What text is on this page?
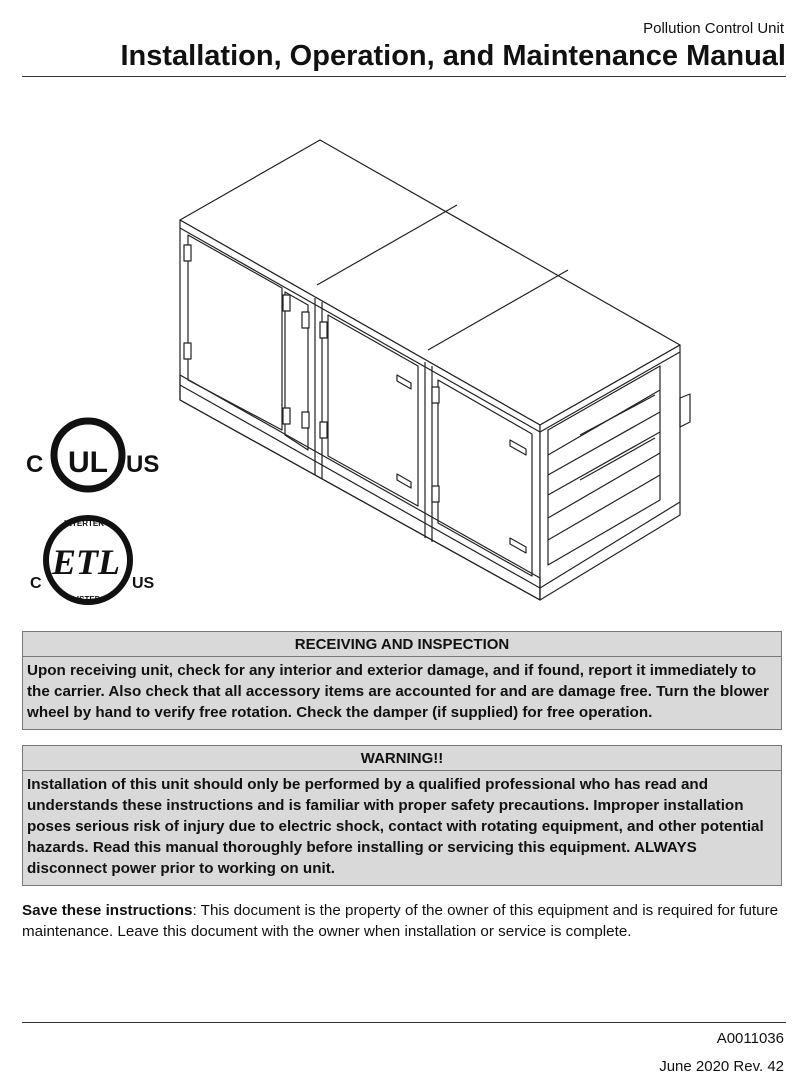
Pollution Control Unit
Installation, Operation, and Maintenance Manual
C UL US
INTERTEK
ETL
LISTED
C	US
RECEIVING AND INSPECTION
Upon receiving unit, check for any interior and exterior damage, and if found, report it immediately to the carrier. Also check that all accessory items are accounted for and are damage free. Turn the blower wheel by hand to verify free rotation. Check the damper (if supplied) for free operation.
WARNING!!
Installation of this unit should only be performed by a qualified professional who has read and understands these instructions and is familiar with proper safety precautions. Improper installation poses serious risk of injury due to electric shock, contact with rotating equipment, and other potential hazards. Read this manual thoroughly before installing or servicing this equipment. ALWAYS disconnect power prior to working on unit.
Save these instructions: This document is the property of the owner of this equipment and is required for future maintenance. Leave this document with the owner when installation or service is complete.
A0011036
June 2020 Rev. 42
